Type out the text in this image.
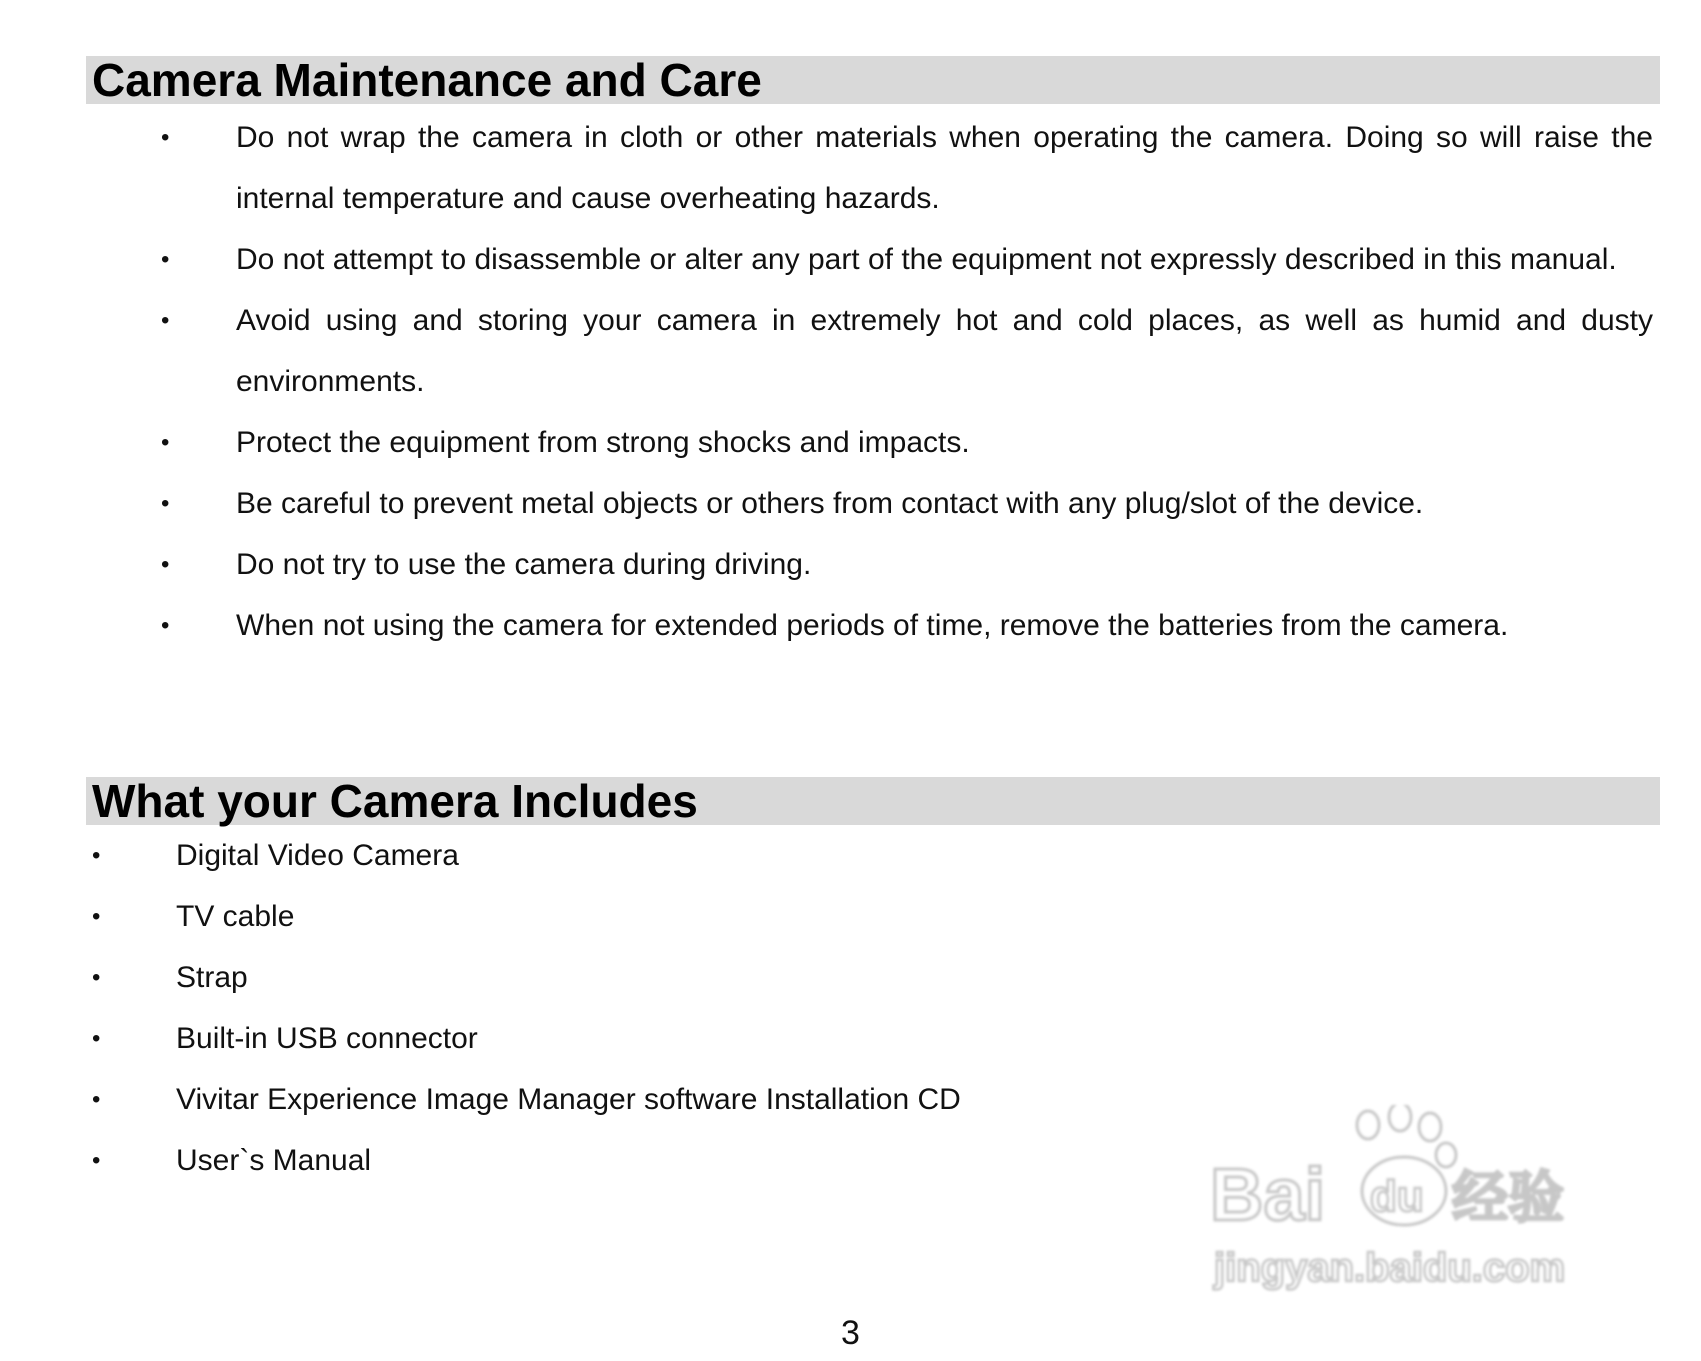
Camera Maintenance and Care
• Do not wrap the camera in cloth or other materials when operating the camera. Doing so will raise the internal temperature and cause overheating hazards.
• Do not attempt to disassemble or alter any part of the equipment not expressly described in this manual.
• Avoid using and storing your camera in extremely hot and cold places, as well as humid and dusty environments.
• Protect the equipment from strong shocks and impacts.
• Be careful to prevent metal objects or others from contact with any plug/slot of the device.
• Do not try to use the camera during driving.
• When not using the camera for extended periods of time, remove the batteries from the camera.
What your Camera Includes
•	Digital Video Camera
•	TV cable
•	Strap
•	Built-in USB connector
•	Vivitar Experience Image Manager software Installation CD
•	User`s Manual	Bai du 经验
jingyan.baidu.com
3
